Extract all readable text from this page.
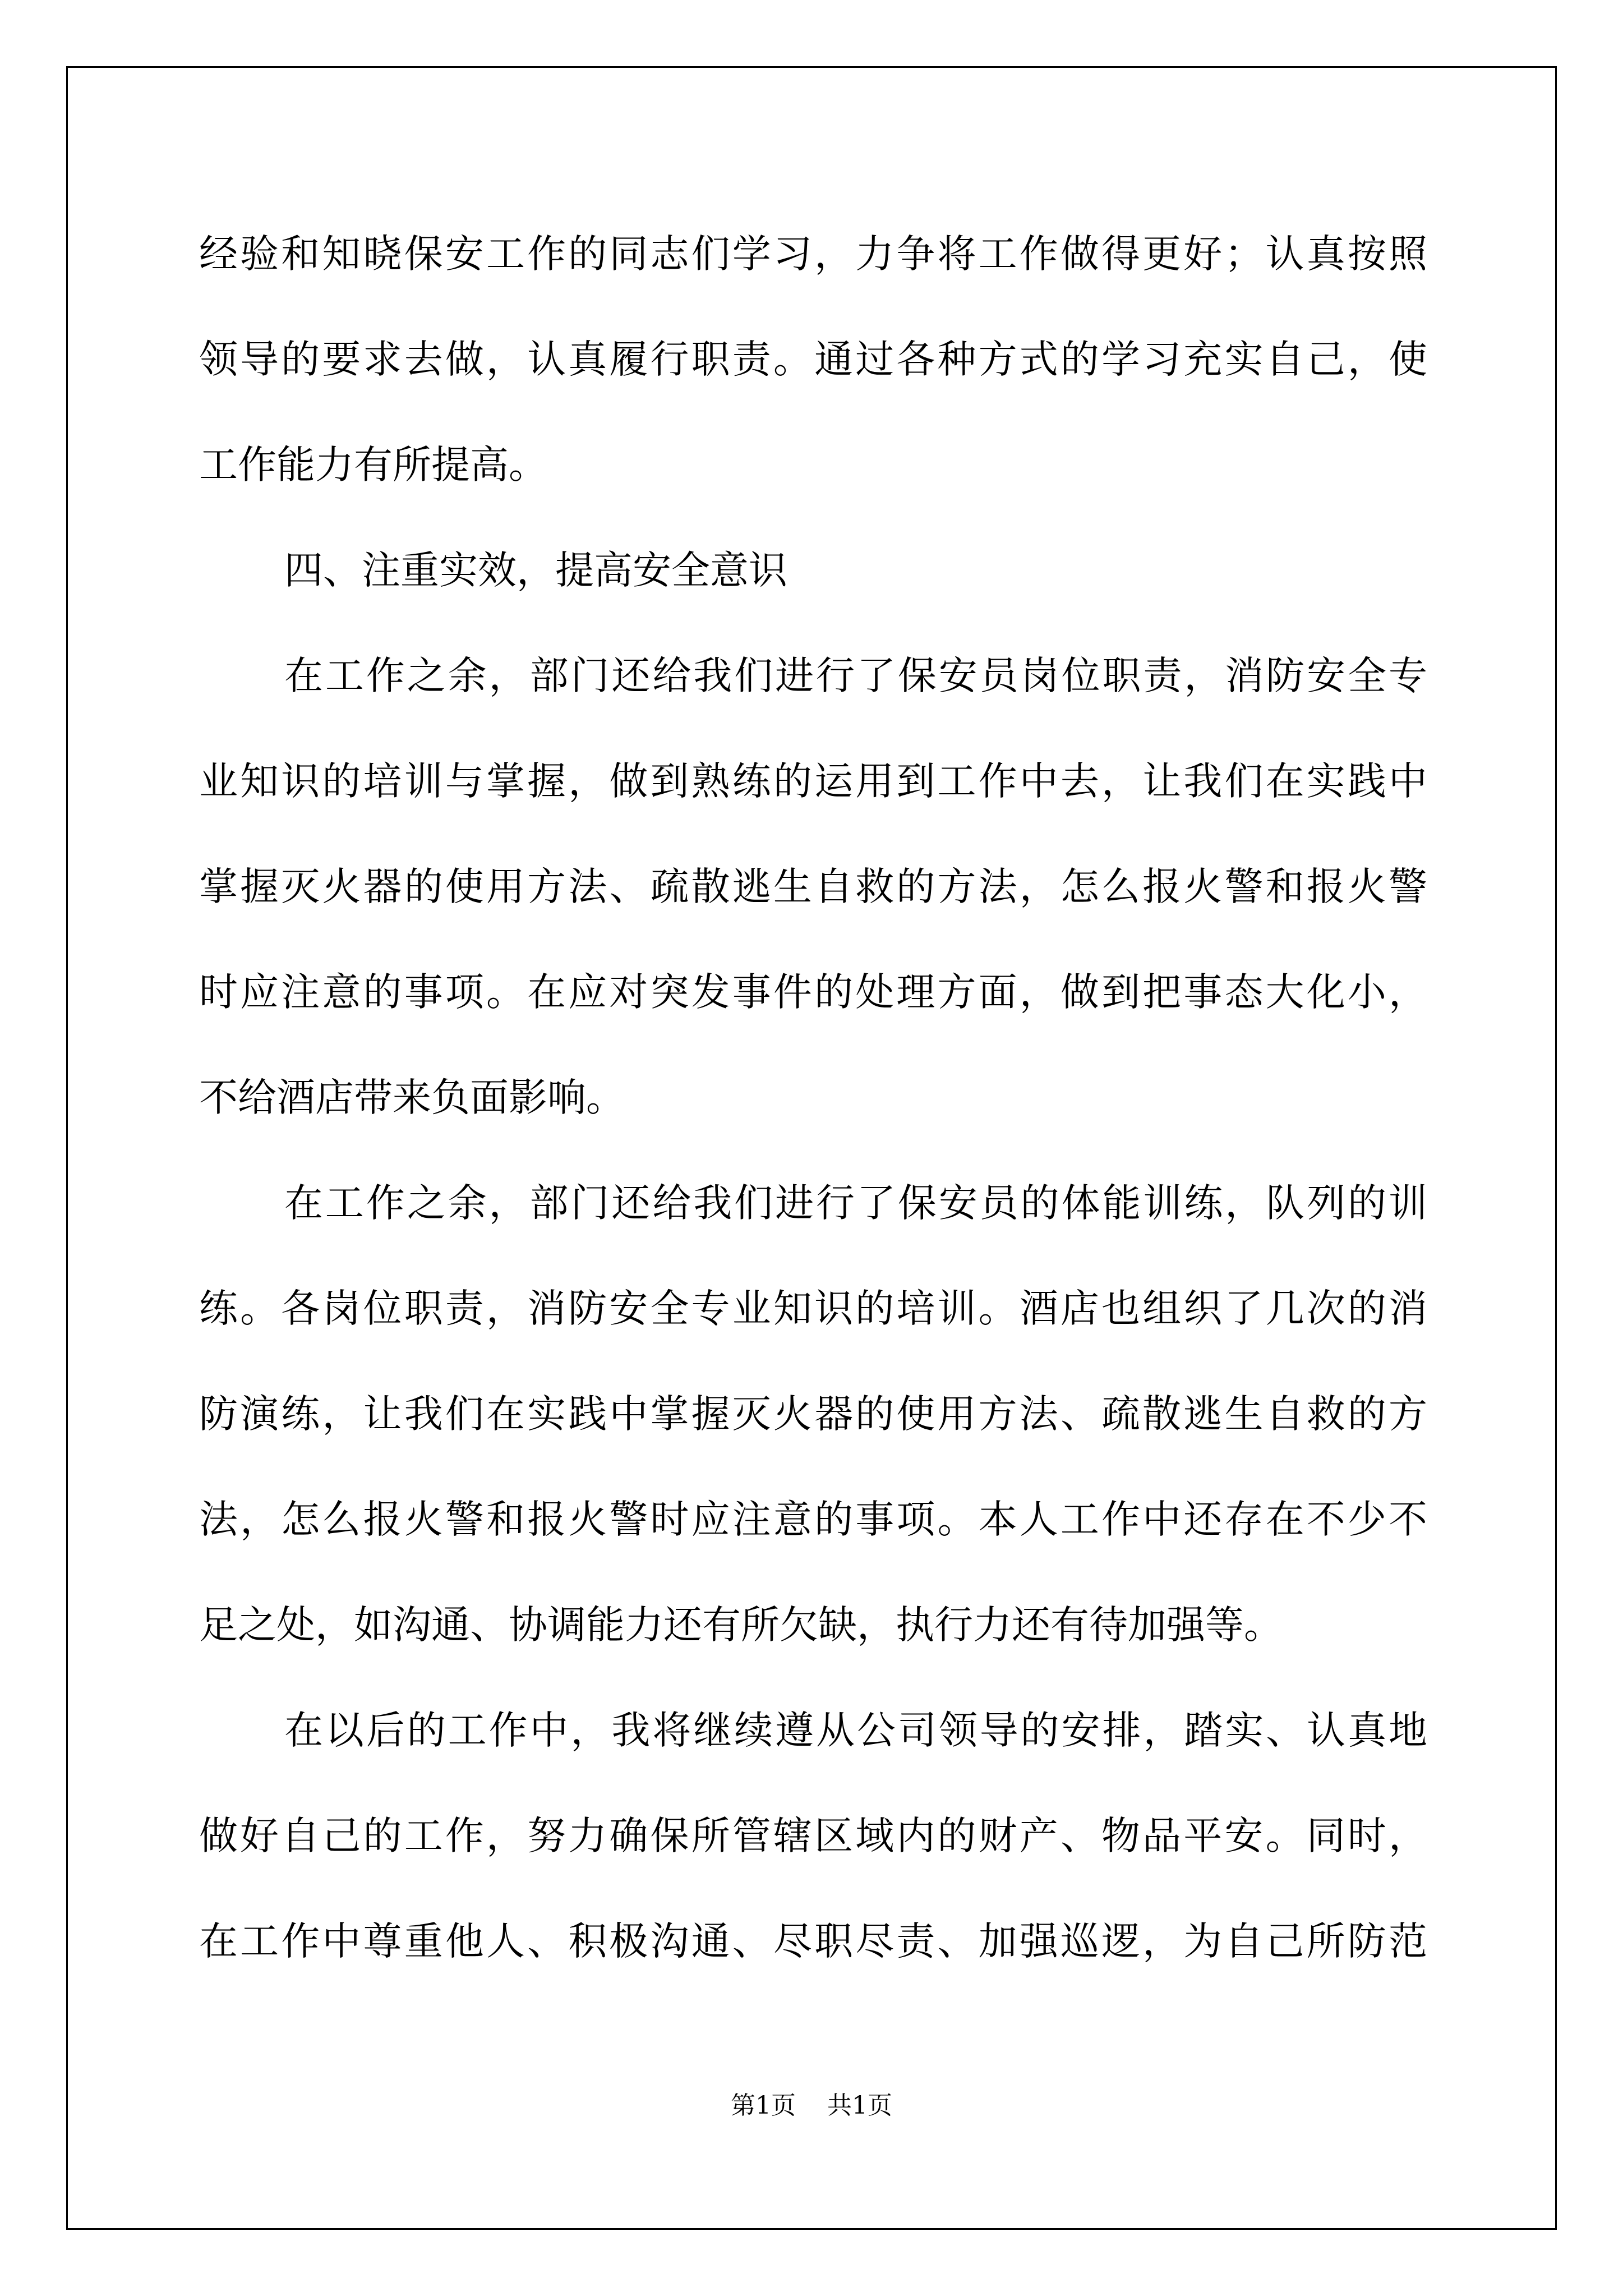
经验和知晓保安工作的同志们学习，力争将工作做得更好；认真按照
领导的要求去做，认真履行职责。通过各种方式的学习充实自己，使
工作能力有所提高。
四、注重实效，提高安全意识
在工作之余，部门还给我们进行了保安员岗位职责，消防安全专
业知识的培训与掌握，做到熟练的运用到工作中去，让我们在实践中
掌握灭火器的使用方法、疏散逃生自救的方法，怎么报火警和报火警
时应注意的事项。在应对突发事件的处理方面，做到把事态大化小，
不给酒店带来负面影响。
在工作之余，部门还给我们进行了保安员的体能训练，队列的训
练。各岗位职责，消防安全专业知识的培训。酒店也组织了几次的消
防演练，让我们在实践中掌握灭火器的使用方法、疏散逃生自救的方
法，怎么报火警和报火警时应注意的事项。本人工作中还存在不少不
足之处，如沟通、协调能力还有所欠缺，执行力还有待加强等。
在以后的工作中，我将继续遵从公司领导的安排，踏实、认真地
做好自己的工作，努力确保所管辖区域内的财产、物品平安。同时，
在工作中尊重他人、积极沟通、尽职尽责、加强巡逻，为自己所防范
第1页 共1页
